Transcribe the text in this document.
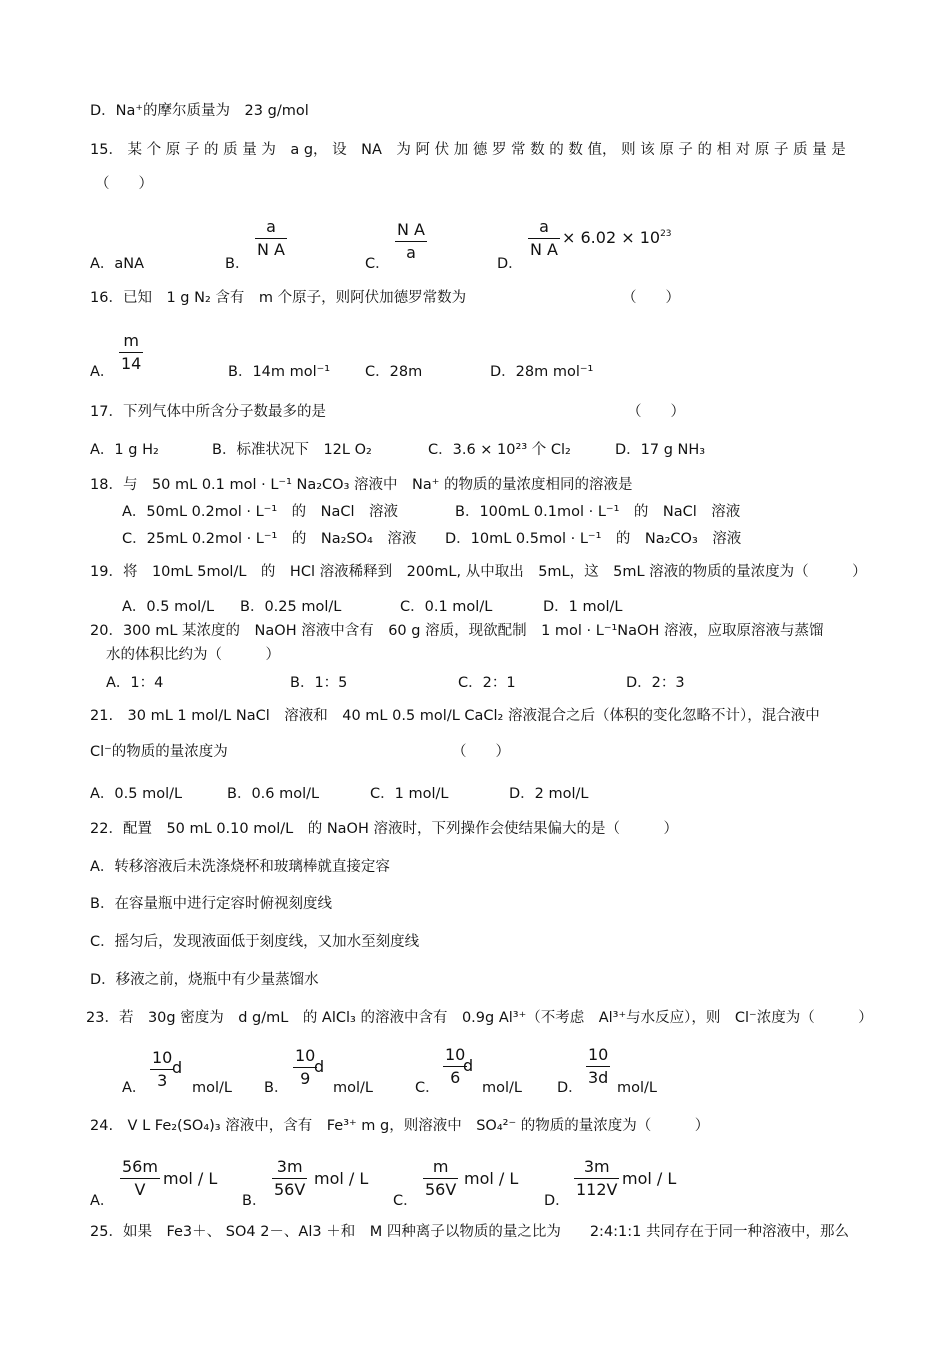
D．Na⁺的摩尔质量为　23 g/mol
15． 某 个 原 子 的 质 量 为　a g， 设　NA　为 阿 伏 加 德 罗 常 数 的 数 值， 则 该 原 子 的 相 对 原 子 质 量 是
（　　）
A．aNA	B．
a
N A
C．
N A
a
D．
a
N A
× $6.02 \times 10^{23}$
16．已知　1 g N₂ 含有　m 个原子，则阿伏加德罗常数为	（　　）
A．
m
14	B．14m mol⁻¹ C．28m	D．28m mol⁻¹
17．下列气体中所含分子数最多的是	（　　）
A．1 g H₂	B．标准状况下　12L O₂	C．3.6 × 10²³ 个 Cl₂	D．17 g NH₃
18．与　50 mL 0.1 mol · L⁻¹ Na₂CO₃ 溶液中　Na⁺ 的物质的量浓度相同的溶液是
A．50mL 0.2mol · L⁻¹　的　NaCl　溶液	B．100mL 0.1mol · L⁻¹　的　NaCl　溶液
C．25mL 0.2mol · L⁻¹　的　Na₂SO₄　溶液 D．10mL 0.5mol · L⁻¹　的　Na₂CO₃　溶液
19．将　10mL 5mol/L　的　HCl 溶液稀释到　200mL, 从中取出　5mL，这　5mL 溶液的物质的量浓度为（　　　）
A．0.5 mol/L B．0.25 mol/L	C．0.1 mol/L	D．1 mol/L
20．300 mL 某浓度的　NaOH 溶液中含有　60 g 溶质，现欲配制　1 mol · L⁻¹NaOH 溶液，应取原溶液与蒸馏
水的体积比约为（　　　）
A．1：4	B．1：5	C．2：1	D．2：3
21.　30 mL 1 mol/L NaCl　溶液和　40 mL 0.5 mol/L CaCl₂ 溶液混合之后（体积的变化忽略不计），混合液中
Cl⁻的物质的量浓度为	（　　）
A．0.5 mol/L	B．0.6 mol/L	C．1 mol/L	D．2 mol/L
22．配置　50 mL 0.10 mol/L　的 NaOH 溶液时，下列操作会使结果偏大的是（　　　）
A．转移溶液后未洗涤烧杯和玻璃棒就直接定容
B．在容量瓶中进行定容时俯视刻度线
C．摇匀后，发现液面低于刻度线，又加水至刻度线
D．移液之前，烧瓶中有少量蒸馏水
23．若　30g 密度为　d g/mL　的 AlCl₃ 的溶液中含有　0.9g Al³⁺（不考虑　Al³⁺与水反应），则　Cl⁻浓度为（　　　）
A．
10
3
d
mol/L B．
10
9
d
mol/L	C．
10
6
d
mol/L D．
10
3d
mol/L
24.　V L Fe₂(SO₄)₃ 溶液中，含有　Fe³⁺ m g，则溶液中　SO₄²⁻ 的物质的量浓度为（　　　）
A．
56m
V
mol / L
B．
3m
56V
mol / L
C．
m
56V
mol / L
D．
3m
112V
mol / L
25．如果　Fe3＋、 SO4 2－、Al3 ＋和　M 四种离子以物质的量之比为　　2:4:1:1 共同存在于同一种溶液中，那么
